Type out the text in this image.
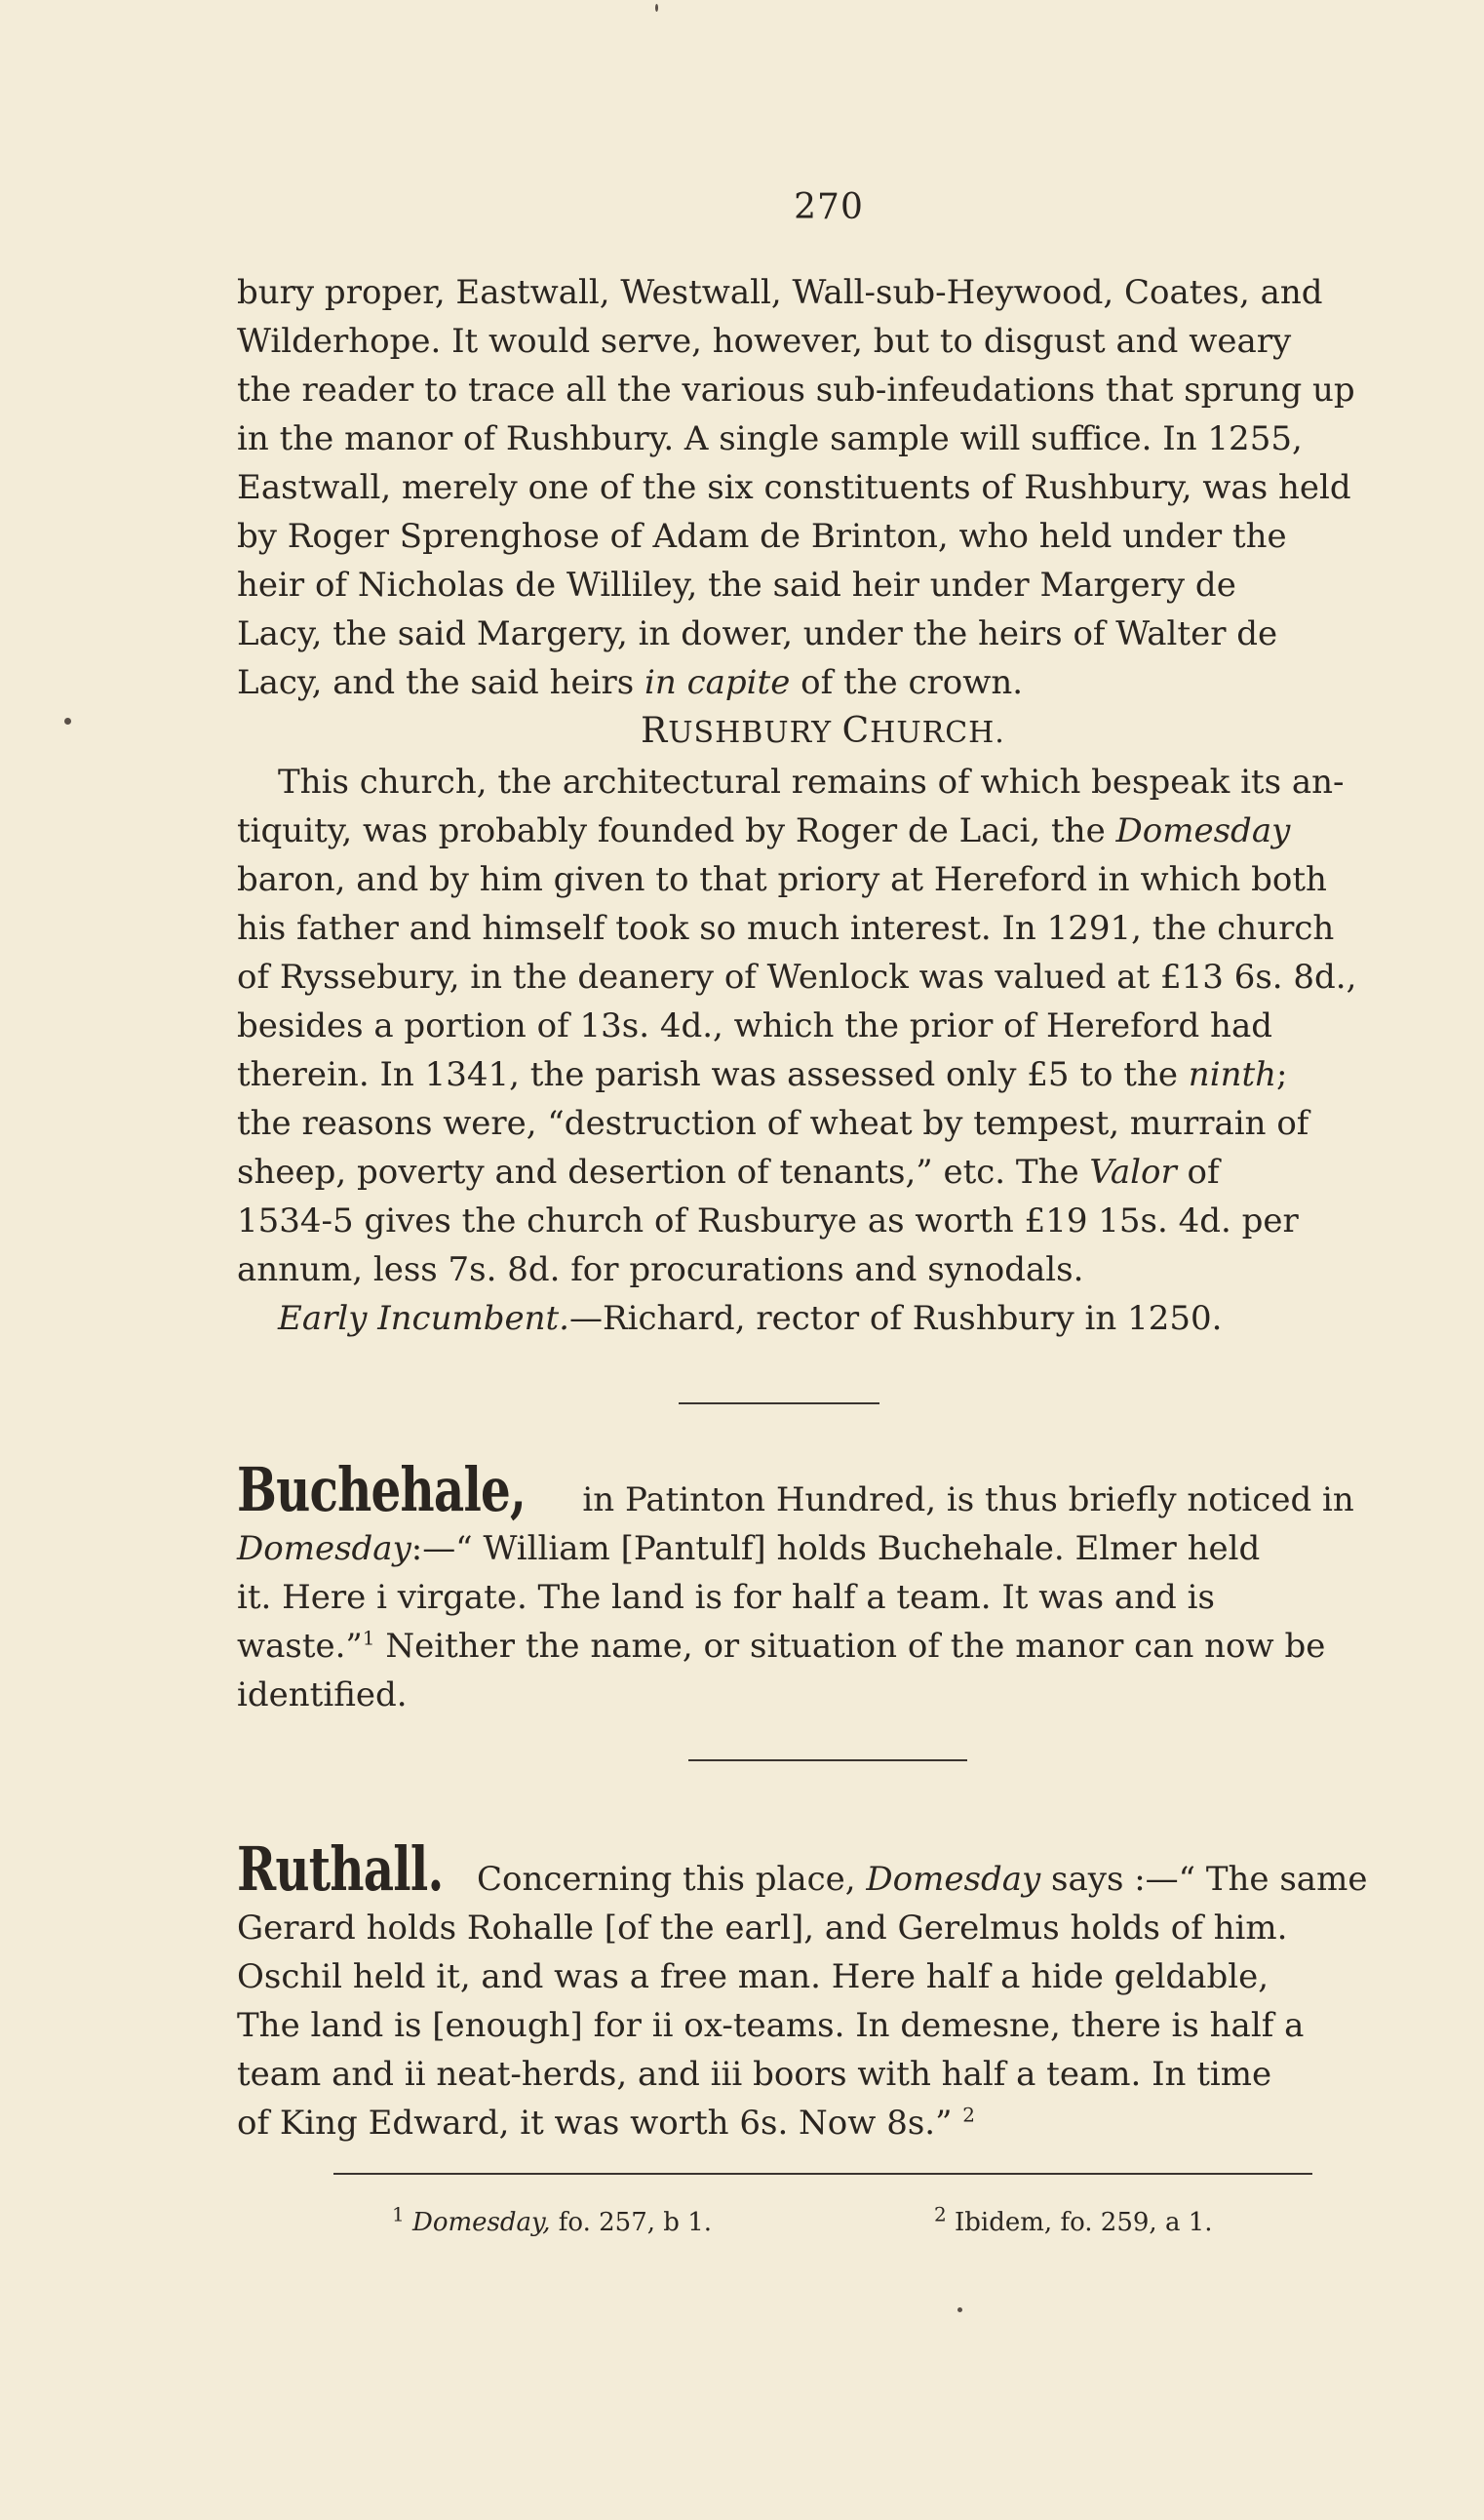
270

bury proper, Eastwall, Westwall, Wall-sub-Heywood, Coates, and

Wilderhope. It would serve, however, but to disgust and weary

the reader to trace all the various sub-infeudations that sprung up

in the manor of Rushbury. A single sample will suffice. In 1255,

Eastwall, merely one of the six constituents of Rushbury, was held

by Roger Sprenghose of Adam de Brinton, who held under the

heir of Nicholas de Williley, the said heir under Margery de

Lacy, the said Margery, in dower, under the heirs of Walter de

Lacy, and the said heirs in capite of the crown.

RUSHBURY CHURCH.

This church, the architectural remains of which bespeak its an-

tiquity, was probably founded by Roger de Laci, the Domesday

baron, and by him given to that priory at Hereford in which both

his father and himself took so much interest. In 1291, the church

of Ryssebury, in the deanery of Wenlock was valued at £13 6s. 8d.,

besides a portion of 13s. 4d., which the prior of Hereford had

therein. In 1341, the parish was assessed only £5 to the ninth;

the reasons were, “destruction of wheat by tempest, murrain of

sheep, poverty and desertion of tenants,” etc. The Valor of

1534-5 gives the church of Rusburye as worth £19 15s. 4d. per

annum, less 7s. 8d. for procurations and synodals.

Early Incumbent.—Richard, rector of Rushbury in 1250.

Buchehale, in Patinton Hundred, is thus briefly noticed in

Domesday:—“ William [Pantulf] holds Buchehale. Elmer held

it. Here i virgate. The land is for half a team. It was and is

waste.”$^1$ Neither the name, or situation of the manor can now be

identified.

Ruthall. Concerning this place, Domesday says :—“ The same

Gerard holds Rohalle [of the earl], and Gerelmus holds of him.

Oschil held it, and was a free man. Here half a hide geldable,

The land is [enough] for ii ox-teams. In demesne, there is half a

team and ii neat-herds, and iii boors with half a team. In time

of King Edward, it was worth 6s. Now 8s.” $^2$

$^1$ Domesday, fo. 257, b 1.	$^2$ Ibidem, fo. 259, a 1.
